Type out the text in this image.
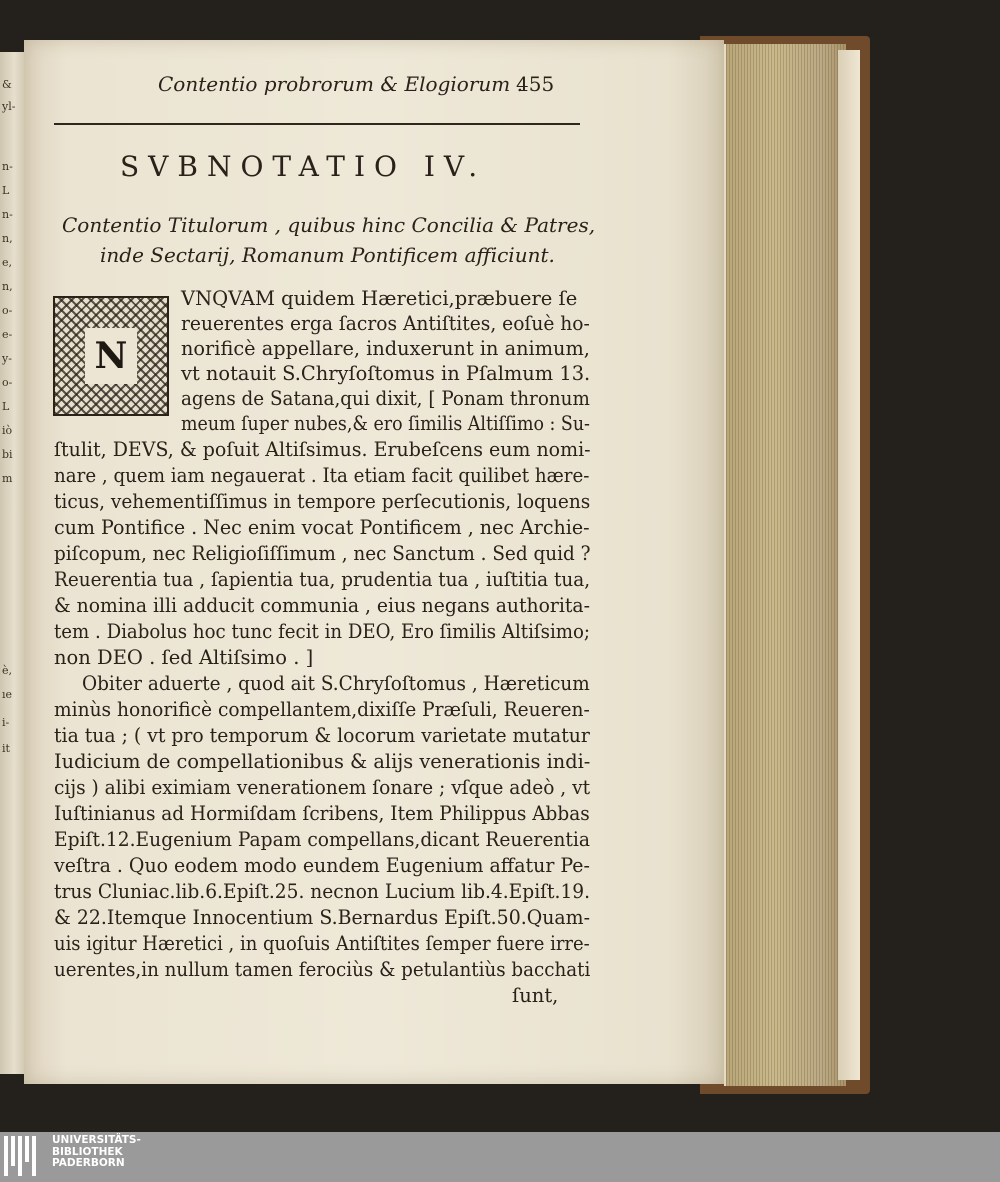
&
yl-
n-
L
n-
n,
e,
n,
o-
e-
y-
o-
L
iò
bi
m
è,
ıe
i-
it
Contentio probrorum & Elogiorum .
455
SVBNOTATIO IV.
Contentio Titulorum , quibus hinc Concilia & Patres,
inde Sectarij, Romanum Pontificem afficiunt.
N
VNQVAM quidem Hæretici,præbuere ſe
reuerentes erga ſacros Antiſtites, eoſuè ho-
norificè appellare, induxerunt in animum,
vt notauit S.Chryſoſtomus in Pſalmum 13.
agens de Satana,qui dixit, [ Ponam thronum
meum ſuper nubes,& ero ſimilis Altiſſimo : Su-
ſtulit, DEVS, & poſuit Altiſsimus. Erubeſcens eum nomi-
nare , quem iam negauerat . Ita etiam facit quilibet hære-
ticus, vehementiſſimus in tempore perſecutionis, loquens
cum Pontifice . Nec enim vocat Pontificem , nec Archie-
piſcopum, nec Religioſiſſimum , nec Sanctum . Sed quid ?
Reuerentia tua , ſapientia tua, prudentia tua , iuſtitia tua,
& nomina illi adducit communia , eius negans authorita-
tem . Diabolus hoc tunc fecit in DEO, Ero ſimilis Altiſsimo;
non DEO . ſed Altiſsimo . ]
Obiter aduerte , quod ait S.Chryſoſtomus , Hæreticum
minùs honorificè compellantem,dixiſſe Præſuli, Reueren-
tia tua ; ( vt pro temporum & locorum varietate mutatur
Iudicium de compellationibus & alijs venerationis indi-
cijs ) alibi eximiam venerationem ſonare ; vſque adeò , vt
Iuſtinianus ad Hormiſdam ſcribens, Item Philippus Abbas
Epiſt.12.Eugenium Papam compellans,dicant Reuerentia
veſtra . Quo eodem modo eundem Eugenium affatur Pe-
trus Cluniac.lib.6.Epiſt.25. necnon Lucium lib.4.Epiſt.19.
& 22.Itemque Innocentium S.Bernardus Epiſt.50.Quam-
uis igitur Hæretici , in quoſuis Antiſtites ſemper fuere irre-
uerentes,in nullum tamen ferociùs & petulantiùs bacchati
ſunt,
UNIVERSITÄTS-
BIBLIOTHEK
PADERBORN
